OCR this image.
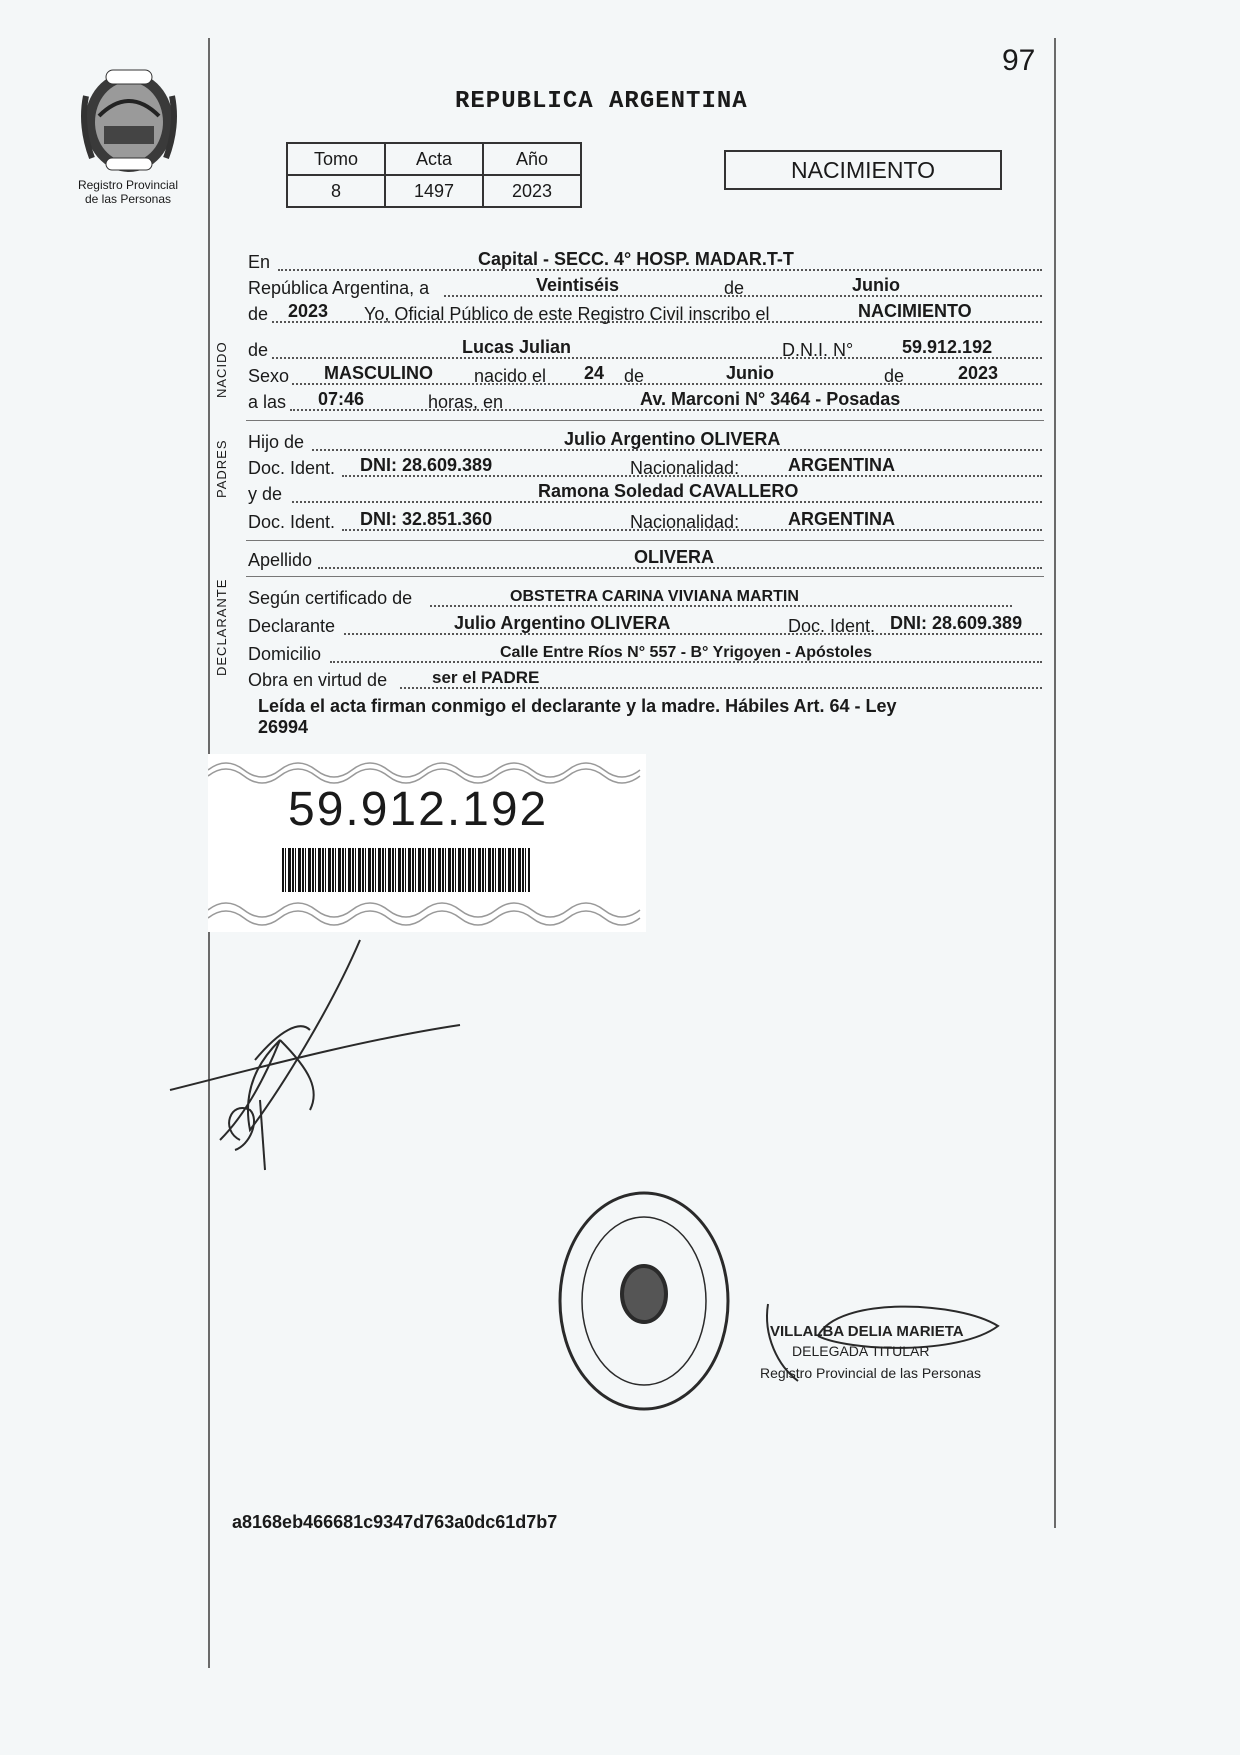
Registro Provincial
de las Personas
97
REPUBLICA ARGENTINA
Tomo	Acta	Año
8	1497	2023
NACIMIENTO
En	Capital - SECC. 4° HOSP. MADAR.T-T
República Argentina, a	Veintiséis	de	Junio
de 2023 Yo, Oficial Público de este Registro Civil inscribo el	NACIMIENTO
de	Lucas Julian	D.N.I. N°	59.912.192
Sexo MASCULINO nacido el 24 de	Junio	de	2023
a las 07:46	horas, en	Av. Marconi N° 3464 - Posadas
NACIDO
Hijo de	Julio Argentino OLIVERA
Doc. Ident. DNI: 28.609.389	Nacionalidad:	ARGENTINA
y de	Ramona Soledad CAVALLERO
Doc. Ident. DNI: 32.851.360	Nacionalidad:	ARGENTINA
PADRES
Apellido	OLIVERA
Según certificado de	OBSTETRA CARINA VIVIANA MARTIN
Declarante	Julio Argentino OLIVERA	Doc. Ident. DNI: 28.609.389
Domicilio	Calle Entre Ríos N° 557 - B° Yrigoyen - Apóstoles
Obra en virtud de	ser el PADRE
DECLARANTE
Leída el acta firman conmigo el declarante y la madre. Hábiles Art. 64 - Ley
26994
59.912.192
VILLALBA DELIA MARIETA
DELEGADA TITULAR
Registro Provincial de las Personas
a8168eb466681c9347d763a0dc61d7b7
